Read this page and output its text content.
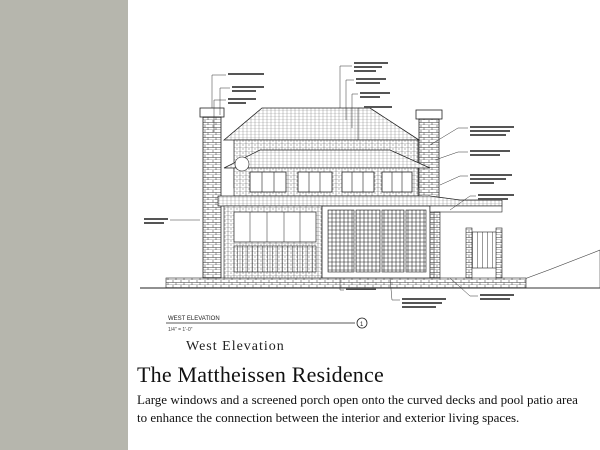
1
WEST ELEVATION
1/4" = 1'-0"
West Elevation
The Mattheissen Residence
Large windows and a screened porch open onto the curved decks and pool patio area to enhance the connection between the interior and exterior living spaces.
